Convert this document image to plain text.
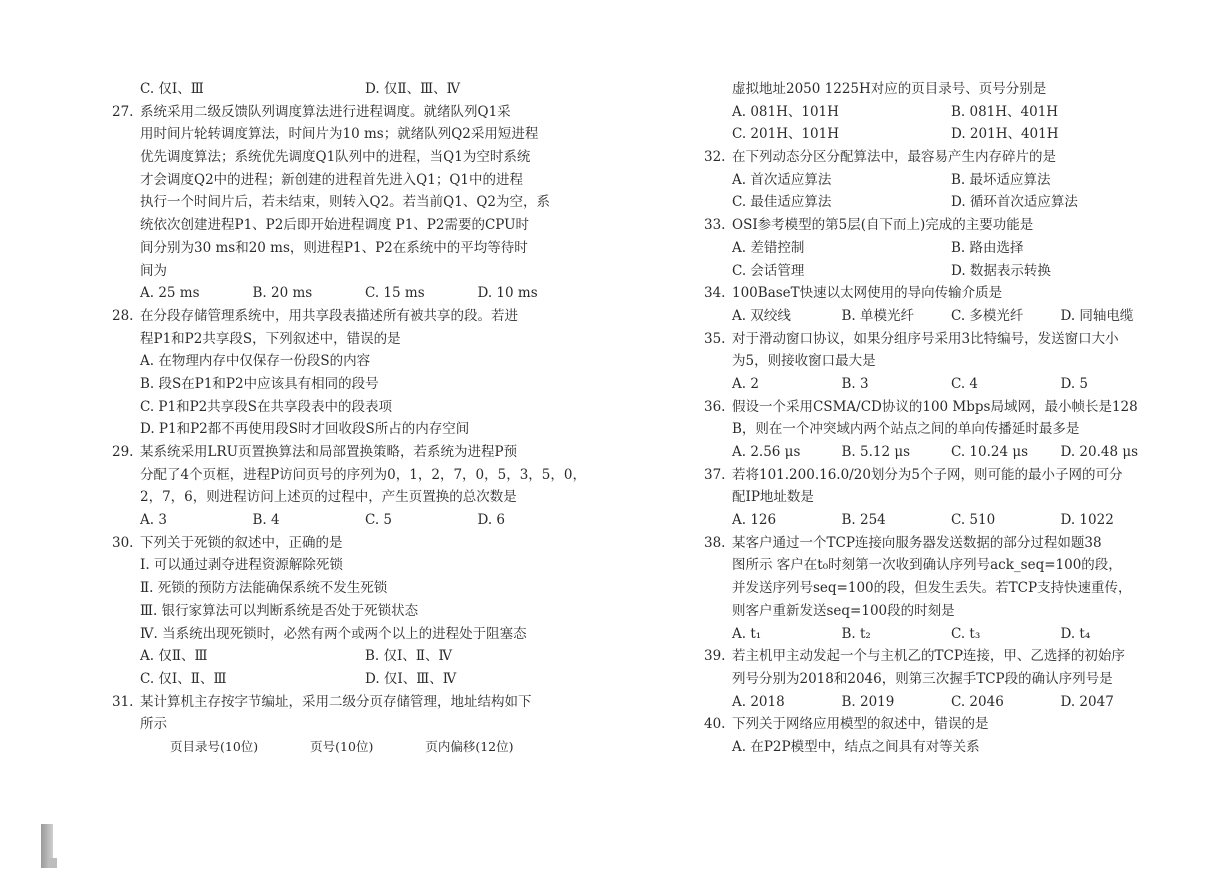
C. 仅Ⅰ、Ⅲ	D. 仅Ⅱ、Ⅲ、Ⅳ
27. 系统采用二级反馈队列调度算法进行进程调度。就绪队列Q1采
用时间片轮转调度算法，时间片为10 ms；就绪队列Q2采用短进程
优先调度算法；系统优先调度Q1队列中的进程，当Q1为空时系统
才会调度Q2中的进程；新创建的进程首先进入Q1；Q1中的进程
执行一个时间片后，若未结束，则转入Q2。若当前Q1、Q2为空，系
统依次创建进程P1、P2后即开始进程调度 P1、P2需要的CPU时
间分别为30 ms和20 ms，则进程P1、P2在系统中的平均等待时
间为
A. 25 ms	B. 20 ms	C. 15 ms	D. 10 ms
28. 在分段存储管理系统中，用共享段表描述所有被共享的段。若进
程P1和P2共享段S，下列叙述中，错误的是
A. 在物理内存中仅保存一份段S的内容
B. 段S在P1和P2中应该具有相同的段号
C. P1和P2共享段S在共享段表中的段表项
D. P1和P2都不再使用段S时才回收段S所占的内存空间
29. 某系统采用LRU页置换算法和局部置换策略，若系统为进程P预
分配了4个页框，进程P访问页号的序列为0，1，2，7，0，5，3，5，0，
2，7，6，则进程访问上述页的过程中，产生页置换的总次数是
A. 3	B. 4	C. 5	D. 6
30. 下列关于死锁的叙述中，正确的是
Ⅰ. 可以通过剥夺进程资源解除死锁
Ⅱ. 死锁的预防方法能确保系统不发生死锁
Ⅲ. 银行家算法可以判断系统是否处于死锁状态
Ⅳ. 当系统出现死锁时，必然有两个或两个以上的进程处于阻塞态
A. 仅Ⅱ、Ⅲ	B. 仅Ⅰ、Ⅱ、Ⅳ
C. 仅Ⅰ、Ⅱ、Ⅲ	D. 仅Ⅰ、Ⅲ、Ⅳ
31. 某计算机主存按字节编址，采用二级分页存储管理，地址结构如下
所示
页目录号(10位)	页号(10位)	页内偏移(12位)
虚拟地址2050 1225H对应的页目录号、页号分别是
A. 081H、101H	B. 081H、401H
C. 201H、101H	D. 201H、401H
32. 在下列动态分区分配算法中，最容易产生内存碎片的是
A. 首次适应算法	B. 最坏适应算法
C. 最佳适应算法	D. 循环首次适应算法
33. OSI参考模型的第5层(自下而上)完成的主要功能是
A. 差错控制	B. 路由选择
C. 会话管理	D. 数据表示转换
34. 100BaseT快速以太网使用的导向传输介质是
A. 双绞线	B. 单模光纤	C. 多模光纤	D. 同轴电缆
35. 对于滑动窗口协议，如果分组序号采用3比特编号，发送窗口大小
为5，则接收窗口最大是
A. 2	B. 3	C. 4	D. 5
36. 假设一个采用CSMA/CD协议的100 Mbps局域网，最小帧长是128
B，则在一个冲突域内两个站点之间的单向传播延时最多是
A. 2.56 μs	B. 5.12 μs	C. 10.24 μs	D. 20.48 μs
37. 若将101.200.16.0/20划分为5个子网，则可能的最小子网的可分
配IP地址数是
A. 126	B. 254	C. 510	D. 1022
38. 某客户通过一个TCP连接向服务器发送数据的部分过程如题38
图所示 客户在t₀时刻第一次收到确认序列号ack_seq=100的段，
并发送序列号seq=100的段，但发生丢失。若TCP支持快速重传，
则客户重新发送seq=100段的时刻是
A. t₁	B. t₂	C. t₃	D. t₄
39. 若主机甲主动发起一个与主机乙的TCP连接，甲、乙选择的初始序
列号分别为2018和2046，则第三次握手TCP段的确认序列号是
A. 2018	B. 2019	C. 2046	D. 2047
40. 下列关于网络应用模型的叙述中，错误的是
A. 在P2P模型中，结点之间具有对等关系
